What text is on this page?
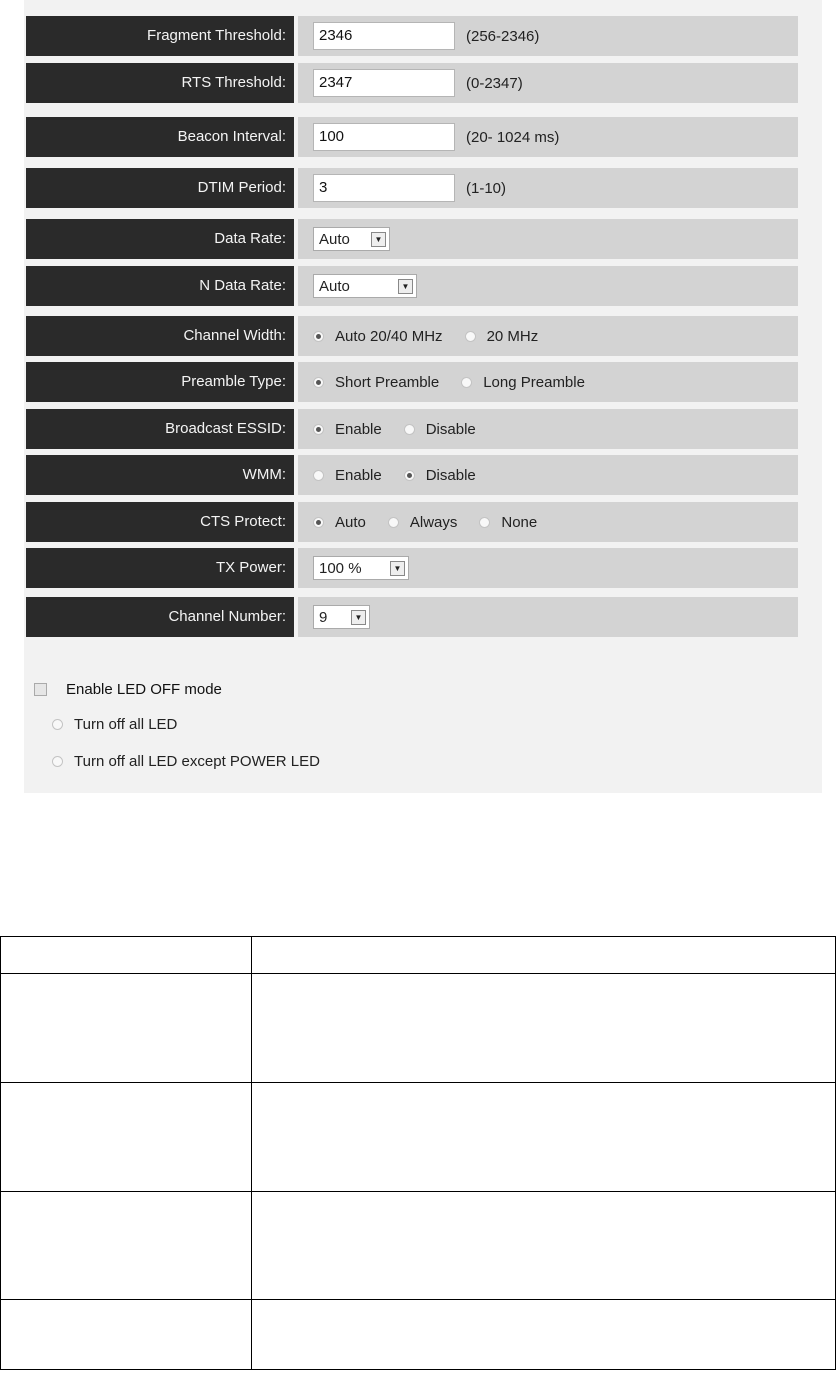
Fragment Threshold:	2346	(256-2346)
RTS Threshold:	2347	(0-2347)
Beacon Interval:	100	(20- 1024 ms)
DTIM Period:	3	(1-10)
Data Rate:	Auto	▼
N Data Rate:	Auto	▼
Channel Width:	Auto 20/40 MHz	20 MHz
Preamble Type:	Short Preamble	Long Preamble
Broadcast ESSID:	Enable	Disable
WMM:	Enable	Disable
CTS Protect:	Auto	Always	None
TX Power:	100 %	▼
Channel Number:	9	▼
Enable LED OFF mode
Turn off all LED
Turn off all LED except POWER LED
